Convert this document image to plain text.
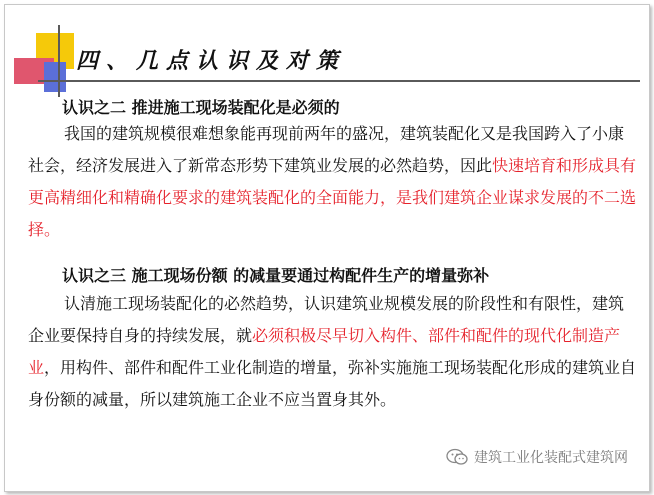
四、几点认识及对策

认识之二 推进施工现场装配化是必须的

我国的建筑规模很难想象能再现前两年的盛况，建筑装配化又是我国跨入了小康社会，经济发展进入了新常态形势下建筑业发展的必然趋势，因此快速培育和形成具有更高精细化和精确化要求的建筑装配化的全面能力，是我们建筑企业谋求发展的不二选择。

认识之三 施工现场份额 的减量要通过构配件生产的增量弥补

认清施工现场装配化的必然趋势，认识建筑业规模发展的阶段性和有限性，建筑企业要保持自身的持续发展，就必须积极尽早切入构件、部件和配件的现代化制造产业，用构件、部件和配件工业化制造的增量，弥补实施施工现场装配化形成的建筑业自身份额的减量，所以建筑施工企业不应当置身其外。

建筑工业化装配式建筑网
